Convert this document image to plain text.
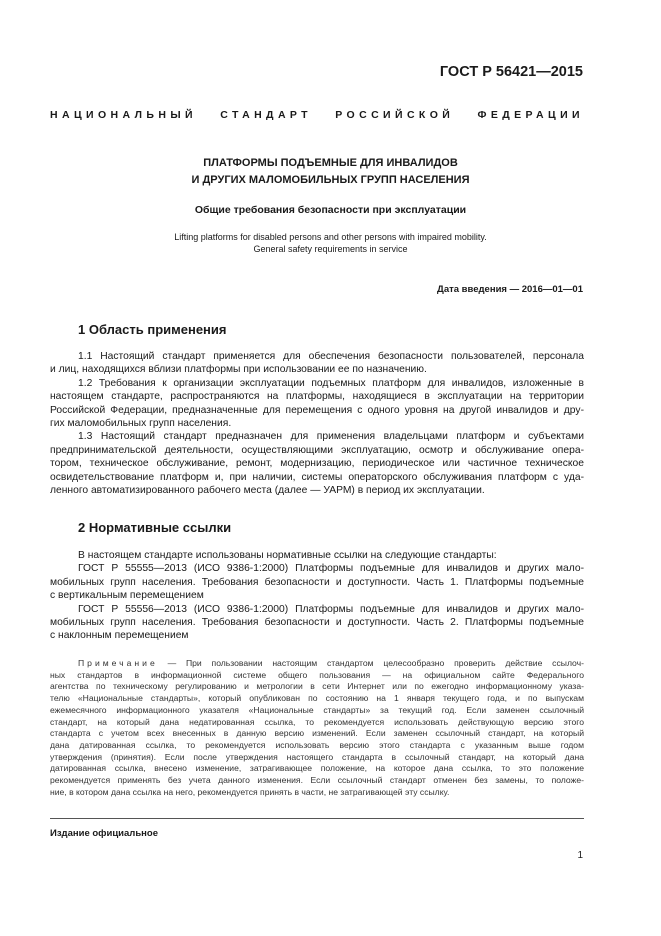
ГОСТ Р 56421—2015
НАЦИОНАЛЬНЫЙ СТАНДАРТ РОССИЙСКОЙ ФЕДЕРАЦИИ
ПЛАТФОРМЫ ПОДЪЕМНЫЕ ДЛЯ ИНВАЛИДОВ
И ДРУГИХ МАЛОМОБИЛЬНЫХ ГРУПП НАСЕЛЕНИЯ
Общие требования безопасности при эксплуатации
Lifting platforms for disabled persons and other persons with impaired mobility.
General safety requirements in service
Дата введения — 2016—01—01
1 Область применения
1.1 Настоящий стандарт применяется для обеспечения безопасности пользователей, персонала
и лиц, находящихся вблизи платформы при использовании ее по назначению.
1.2 Требования к организации эксплуатации подъемных платформ для инвалидов, изложенные в
настоящем стандарте, распространяются на платформы, находящиеся в эксплуатации на территории
Российской Федерации, предназначенные для перемещения с одного уровня на другой инвалидов и дру-
гих маломобильных групп населения.
1.3 Настоящий стандарт предназначен для применения владельцами платформ и субъектами
предпринимательской деятельности, осуществляющими эксплуатацию, осмотр и обслуживание опера-
тором, техническое обслуживание, ремонт, модернизацию, периодическое или частичное техническое
освидетельствование платформ и, при наличии, системы операторского обслуживания платформ с уда-
ленного автоматизированного рабочего места (далее — УАРМ) в период их эксплуатации.
2 Нормативные ссылки
В настоящем стандарте использованы нормативные ссылки на следующие стандарты:
ГОСТ Р 55555—2013 (ИСО 9386-1:2000) Платформы подъемные для инвалидов и других мало-
мобильных групп населения. Требования безопасности и доступности. Часть 1. Платформы подъемные
с вертикальным перемещением
ГОСТ Р 55556—2013 (ИСО 9386-1:2000) Платформы подъемные для инвалидов и других мало-
мобильных групп населения. Требования безопасности и доступности. Часть 2. Платформы подъемные
с наклонным перемещением
Примечание — При пользовании настоящим стандартом целесообразно проверить действие ссылоч-
ных стандартов в информационной системе общего пользования — на официальном сайте Федерального
агентства по техническому регулированию и метрологии в сети Интернет или по ежегодно информационному указа-
телю «Национальные стандарты», который опубликован по состоянию на 1 января текущего года, и по выпускам
ежемесячного информационного указателя «Национальные стандарты» за текущий год. Если заменен ссылочный
стандарт, на который дана недатированная ссылка, то рекомендуется использовать действующую версию этого
стандарта с учетом всех внесенных в данную версию изменений. Если заменен ссылочный стандарт, на который
дана датированная ссылка, то рекомендуется использовать версию этого стандарта с указанным выше годом
утверждения (принятия). Если после утверждения настоящего стандарта в ссылочный стандарт, на который дана
датированная ссылка, внесено изменение, затрагивающее положение, на которое дана ссылка, то это положение
рекомендуется применять без учета данного изменения. Если ссылочный стандарт отменен без замены, то положе-
ние, в котором дана ссылка на него, рекомендуется принять в части, не затрагивающей эту ссылку.
Издание официальное
1
